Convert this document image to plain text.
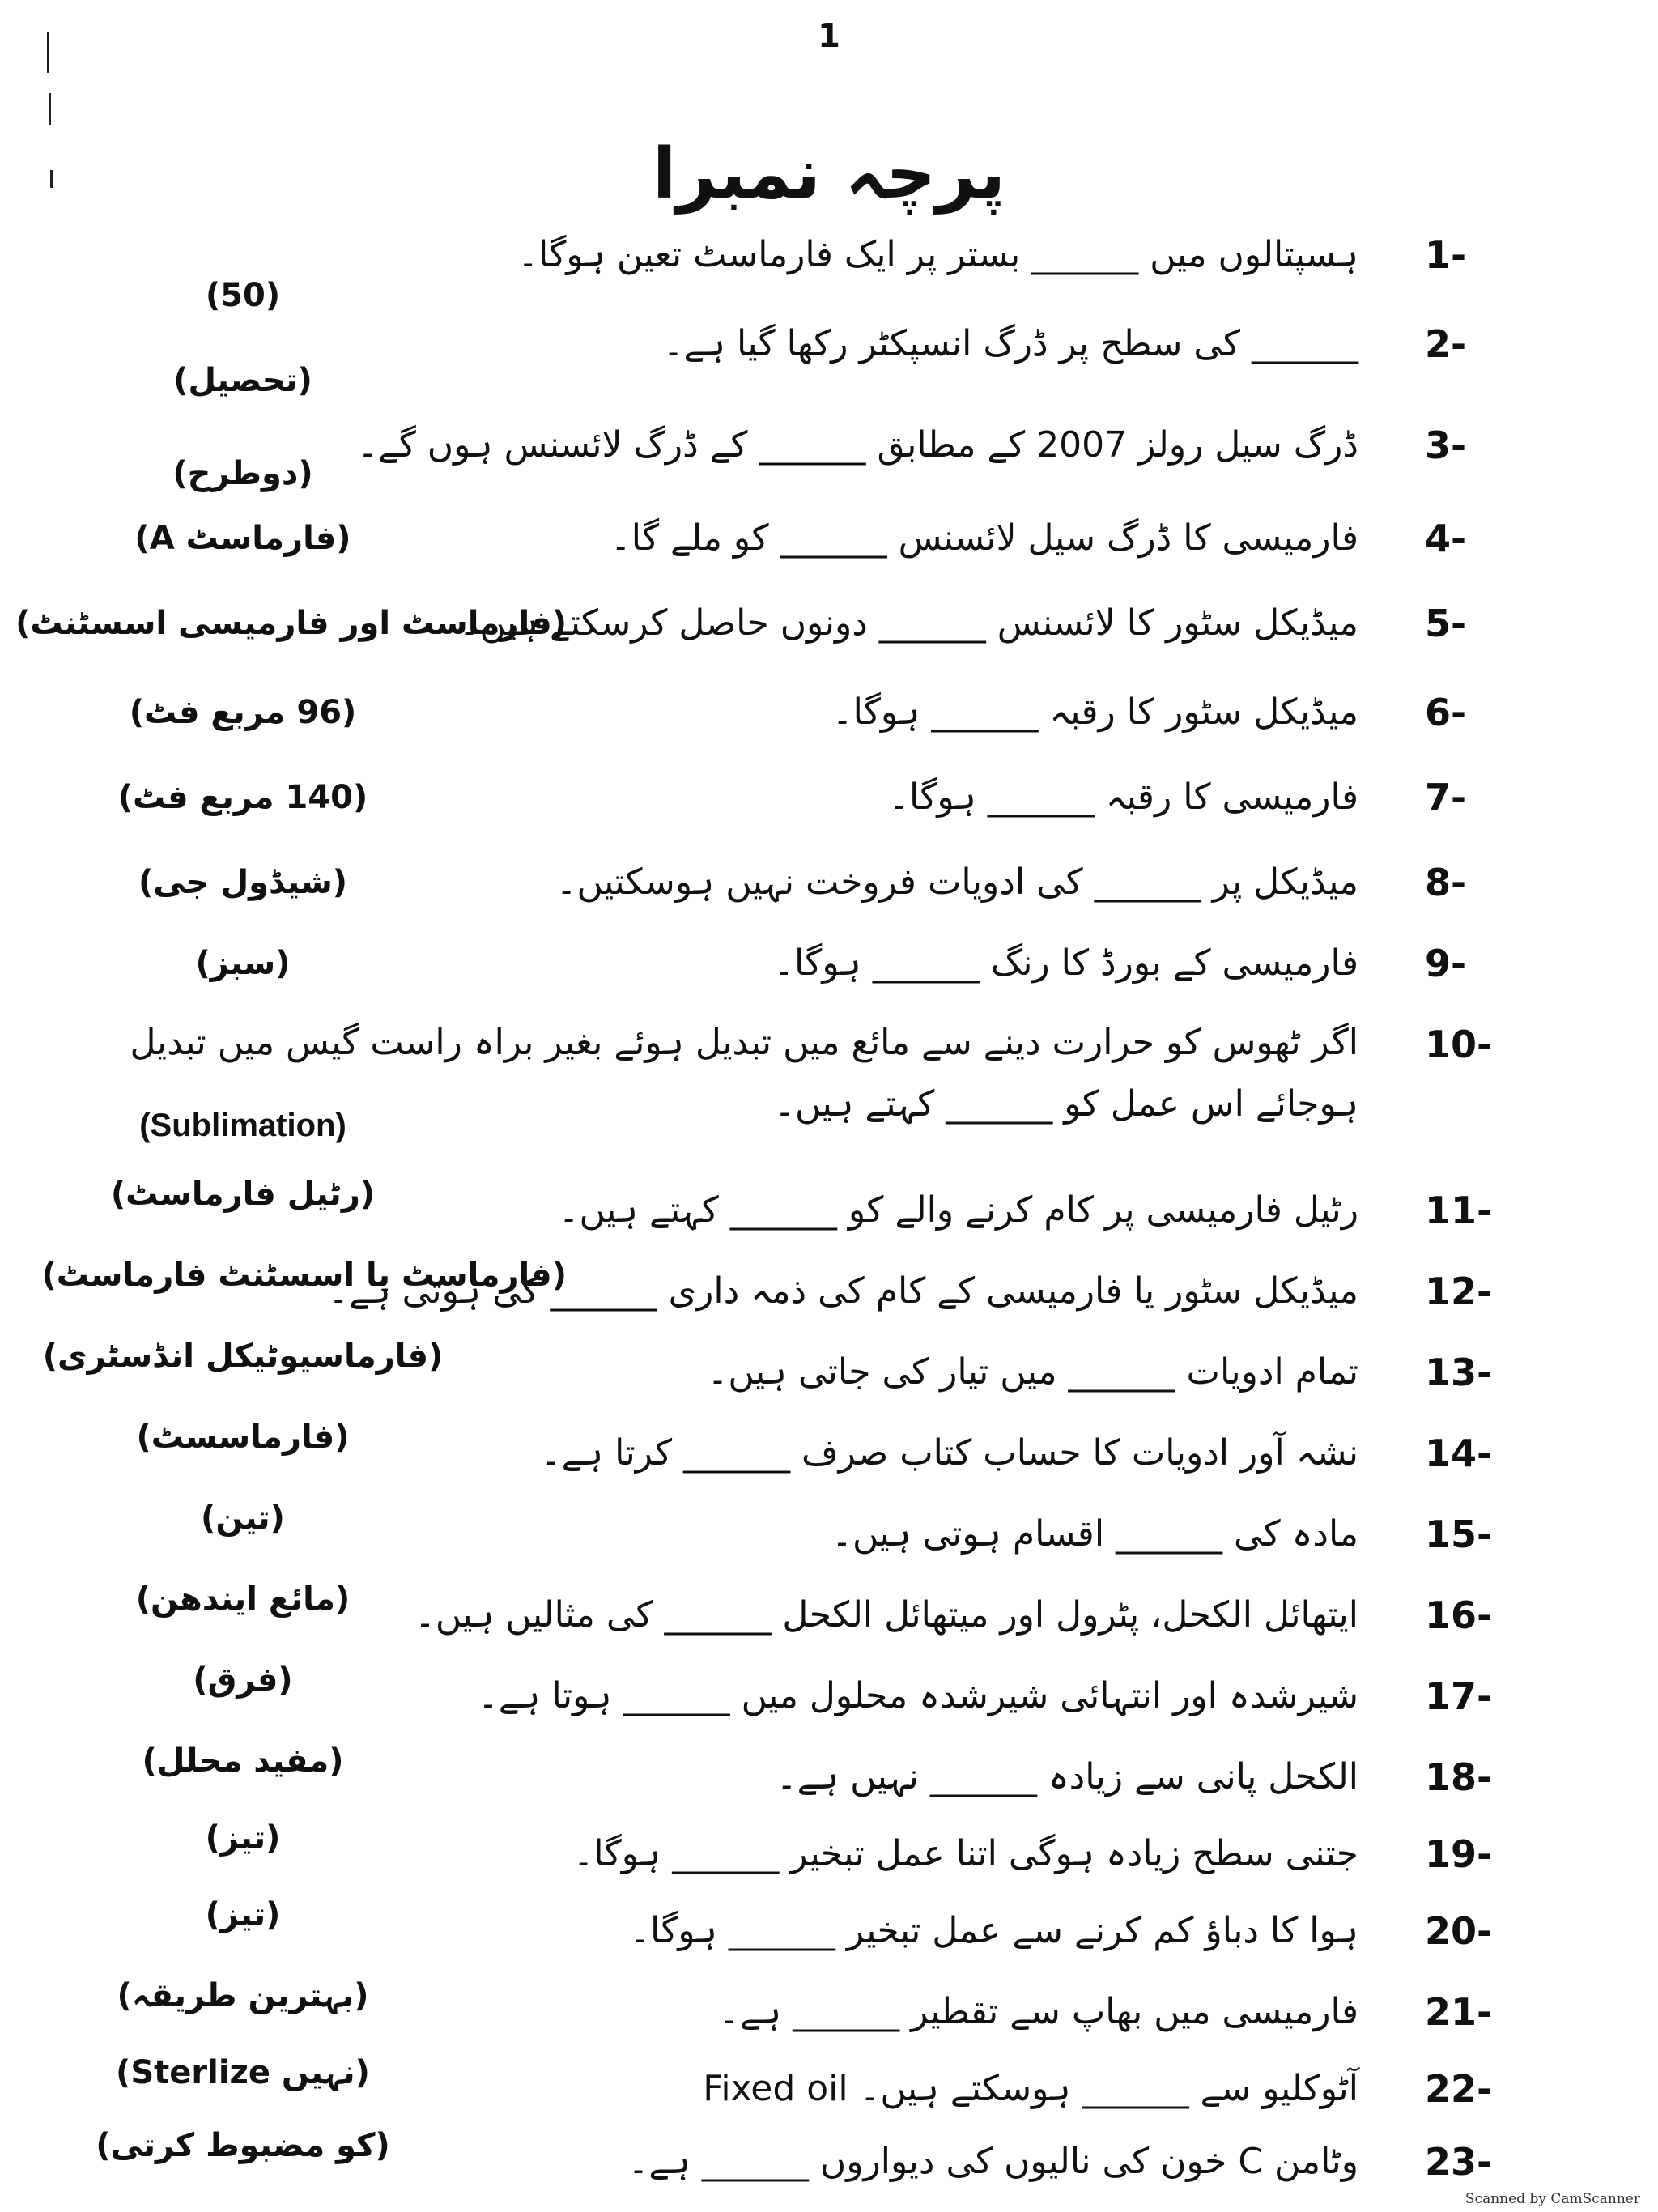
1
پرچہ نمبرا
1-
ہسپتالوں میں ______ بستر پر ایک فارماسٹ تعین ہوگا۔
(50)
2-
______ کی سطح پر ڈرگ انسپکٹر رکھا گیا ہے۔
(تحصیل)
3-
ڈرگ سیل رولز 2007 کے مطابق ______ کے ڈرگ لائسنس ہوں گے۔
(دوطرح)
4-
فارمیسی کا ڈرگ سیل لائسنس ______ کو ملے گا۔
(A فارماسٹ)
5-
میڈیکل سٹور کا لائسنس ______ دونوں حاصل کرسکتے ہیں۔
(فارماسٹ اور فارمیسی اسسٹنٹ)
6-
میڈیکل سٹور کا رقبہ ______ ہوگا۔
(96 مربع فٹ)
7-
فارمیسی کا رقبہ ______ ہوگا۔
(140 مربع فٹ)
8-
میڈیکل پر ______ کی ادویات فروخت نہیں ہوسکتیں۔
(شیڈول جی)
9-
فارمیسی کے بورڈ کا رنگ ______ ہوگا۔
(سبز)
10-
اگر ٹھوس کو حرارت دینے سے مائع میں تبدیل ہوئے بغیر براہ راست گیس میں تبدیل ہوجائے اس عمل کو ______ کہتے ہیں۔
(Sublimation)
11-
رٹیل فارمیسی پر کام کرنے والے کو ______ کہتے ہیں۔
(رٹیل فارماسٹ)
12-
میڈیکل سٹور یا فارمیسی کے کام کی ذمہ داری ______ کی ہوتی ہے۔
(فارماسٹ یا اسسٹنٹ فارماسٹ)
13-
تمام ادویات ______ میں تیار کی جاتی ہیں۔
(فارماسیوٹیکل انڈسٹری)
14-
نشہ آور ادویات کا حساب کتاب صرف ______ کرتا ہے۔
(فارماسسٹ)
15-
مادہ کی ______ اقسام ہوتی ہیں۔
(تین)
16-
ایتھائل الکحل، پٹرول اور میتھائل الکحل ______ کی مثالیں ہیں۔
(مائع ایندھن)
17-
شیرشدہ اور انتہائی شیرشدہ محلول میں ______ ہوتا ہے۔
(فرق)
18-
الکحل پانی سے زیادہ ______ نہیں ہے۔
(مفید محلل)
19-
جتنی سطح زیادہ ہوگی اتنا عمل تبخیر ______ ہوگا۔
(تیز)
20-
ہوا کا دباؤ کم کرنے سے عمل تبخیر ______ ہوگا۔
(تیز)
21-
فارمیسی میں بھاپ سے تقطیر ______ ہے۔
(بہترین طریقہ)
22-
Fixed oil آٹوکلیو سے ______ ہوسکتے ہیں۔
(Sterlize نہیں)
23-
وٹامن C خون کی نالیوں کی دیواروں ______ ہے۔
(کو مضبوط کرتی)
Scanned by CamScanner
